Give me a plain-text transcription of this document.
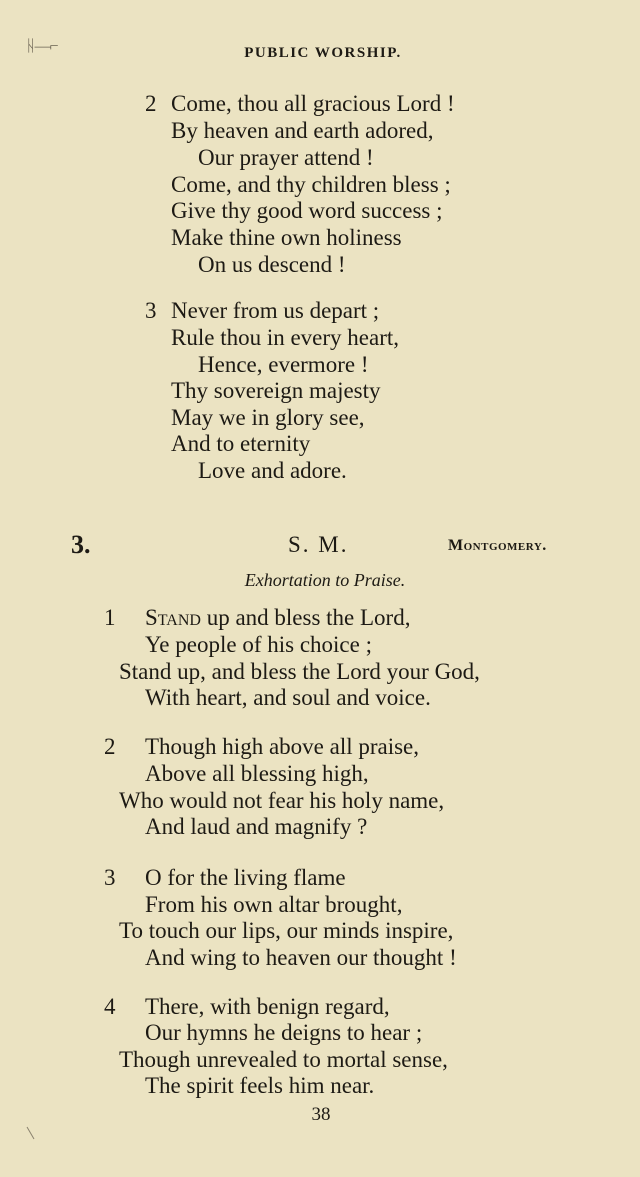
ᚺ—⌐	PUBLIC WORSHIP.
2 Come, thou all gracious Lord !
By heaven and earth adored,
Our prayer attend !
Come, and thy children bless ;
Give thy good word success ;
Make thine own holiness
On us descend !
3 Never from us depart ;
Rule thou in every heart,
Hence, evermore !
Thy sovereign majesty
May we in glory see,
And to eternity
Love and adore.
3.	S. M.	Montgomery.
Exhortation to Praise.
1 Stand up and bless the Lord,
Ye people of his choice ;
Stand up, and bless the Lord your God,
With heart, and soul and voice.
2 Though high above all praise,
Above all blessing high,
Who would not fear his holy name,
And laud and magnify ?
3 O for the living flame
From his own altar brought,
To touch our lips, our minds inspire,
And wing to heaven our thought !
4 There, with benign regard,
Our hymns he deigns to hear ;
Though unrevealed to mortal sense,
The spirit feels him near.
38
